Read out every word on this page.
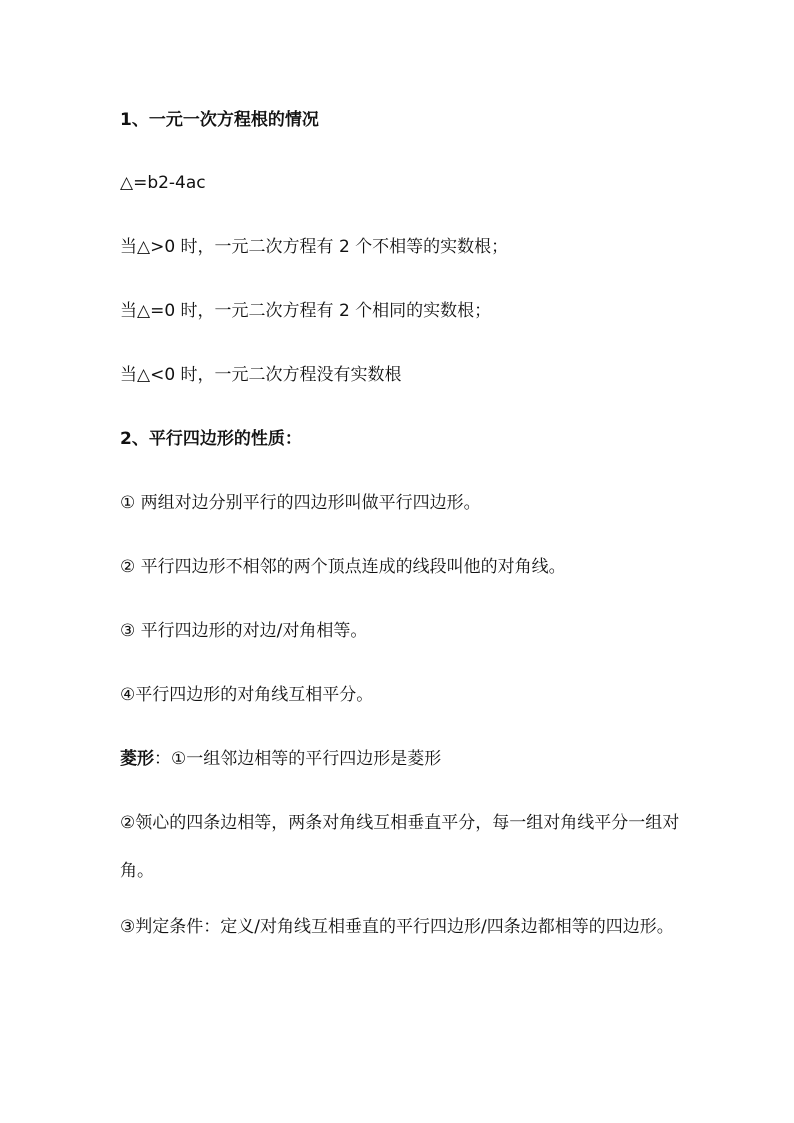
1、一元一次方程根的情况
△=b2-4ac
当△>0 时，一元二次方程有 2 个不相等的实数根；
当△=0 时，一元二次方程有 2 个相同的实数根；
当△<0 时，一元二次方程没有实数根
2、平行四边形的性质：
① 两组对边分别平行的四边形叫做平行四边形。
② 平行四边形不相邻的两个顶点连成的线段叫他的对角线。
③ 平行四边形的对边/对角相等。
④平行四边形的对角线互相平分。
菱形：①一组邻边相等的平行四边形是菱形
②领心的四条边相等，两条对角线互相垂直平分，每一组对角线平分一组对角。
③判定条件：定义/对角线互相垂直的平行四边形/四条边都相等的四边形。
